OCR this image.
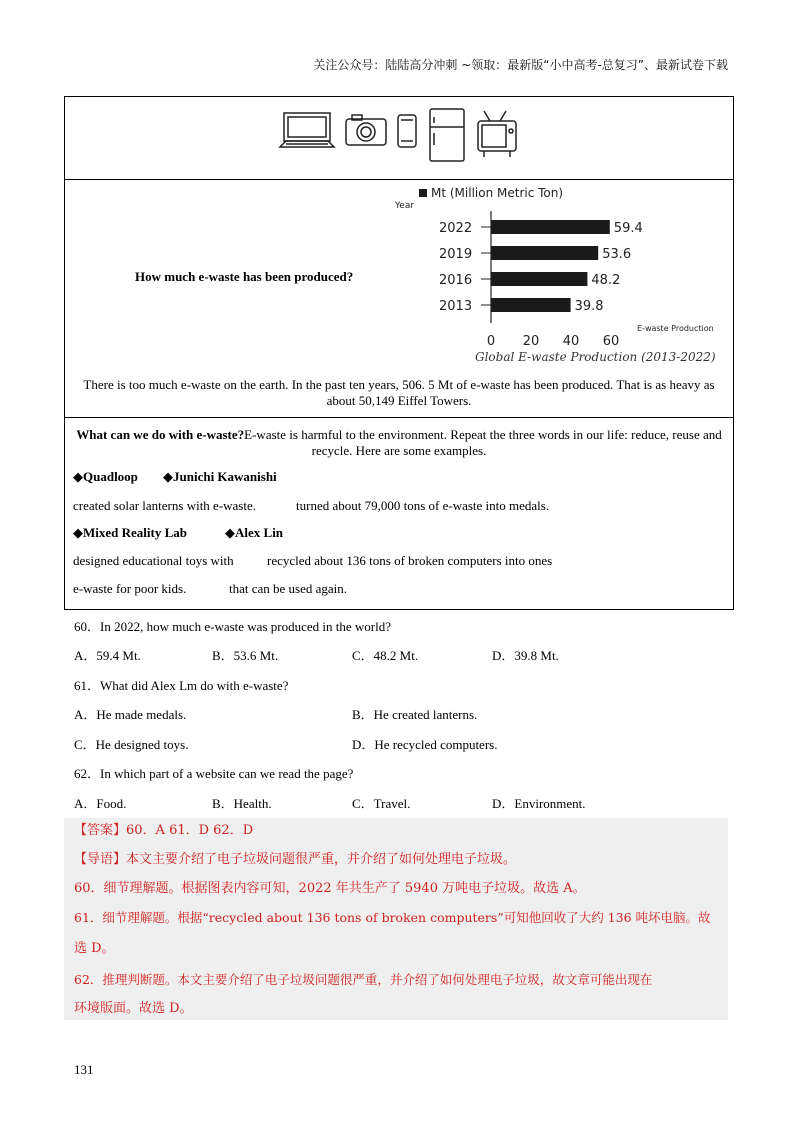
关注公众号：陆陆高分冲刺 ~领取：最新版“小中高考-总复习”、最新试卷下载
How much e-waste has been produced?
Mt (Million Metric Ton)
Year
2022	59.4
2019	53.6
2016	48.2
2013	39.8
E-waste Production
0 20 40 60
Global E-waste Production (2013-2022)
There is too much e-waste on the earth. In the past ten years, 506. 5 Mt of e-waste has been produced. That is as heavy as about 50,149 Eiffel Towers.
What can we do with e-waste?E-waste is harmful to the environment. Repeat the three words in our life: reduce, reuse and recycle. Here are some examples.
◆Quadloop ◆Junichi Kawanishi
created solar lanterns with e-waste.	turned about 79,000 tons of e-waste into medals.
◆Mixed Reality Lab	◆Alex Lin
designed educational toys with	recycled about 136 tons of broken computers into ones
e-waste for poor kids.	that can be used again.
60．In 2022, how much e-waste was produced in the world?
A．59.4 Mt.	B．53.6 Mt.	C．48.2 Mt.	D．39.8 Mt.
61．What did Alex Lm do with e-waste?
A．He made medals.	B．He created lanterns.
C．He designed toys.	D．He recycled computers.
62．In which part of a website can we read the page?
A．Food.	B．Health.	C．Travel.	D．Environment.
【答案】60．A 61．D 62．D
【导语】本文主要介绍了电子垃圾问题很严重，并介绍了如何处理电子垃圾。
60．细节理解题。根据图表内容可知，2022 年共生产了 5940 万吨电子垃圾。故选 A。
61．细节理解题。根据“recycled about 136 tons of broken computers”可知他回收了大约 136 吨坏电脑。故
选 D。
62．推理判断题。本文主要介绍了电子垃圾问题很严重，并介绍了如何处理电子垃圾，故文章可能出现在
环境版面。故选 D。
131
